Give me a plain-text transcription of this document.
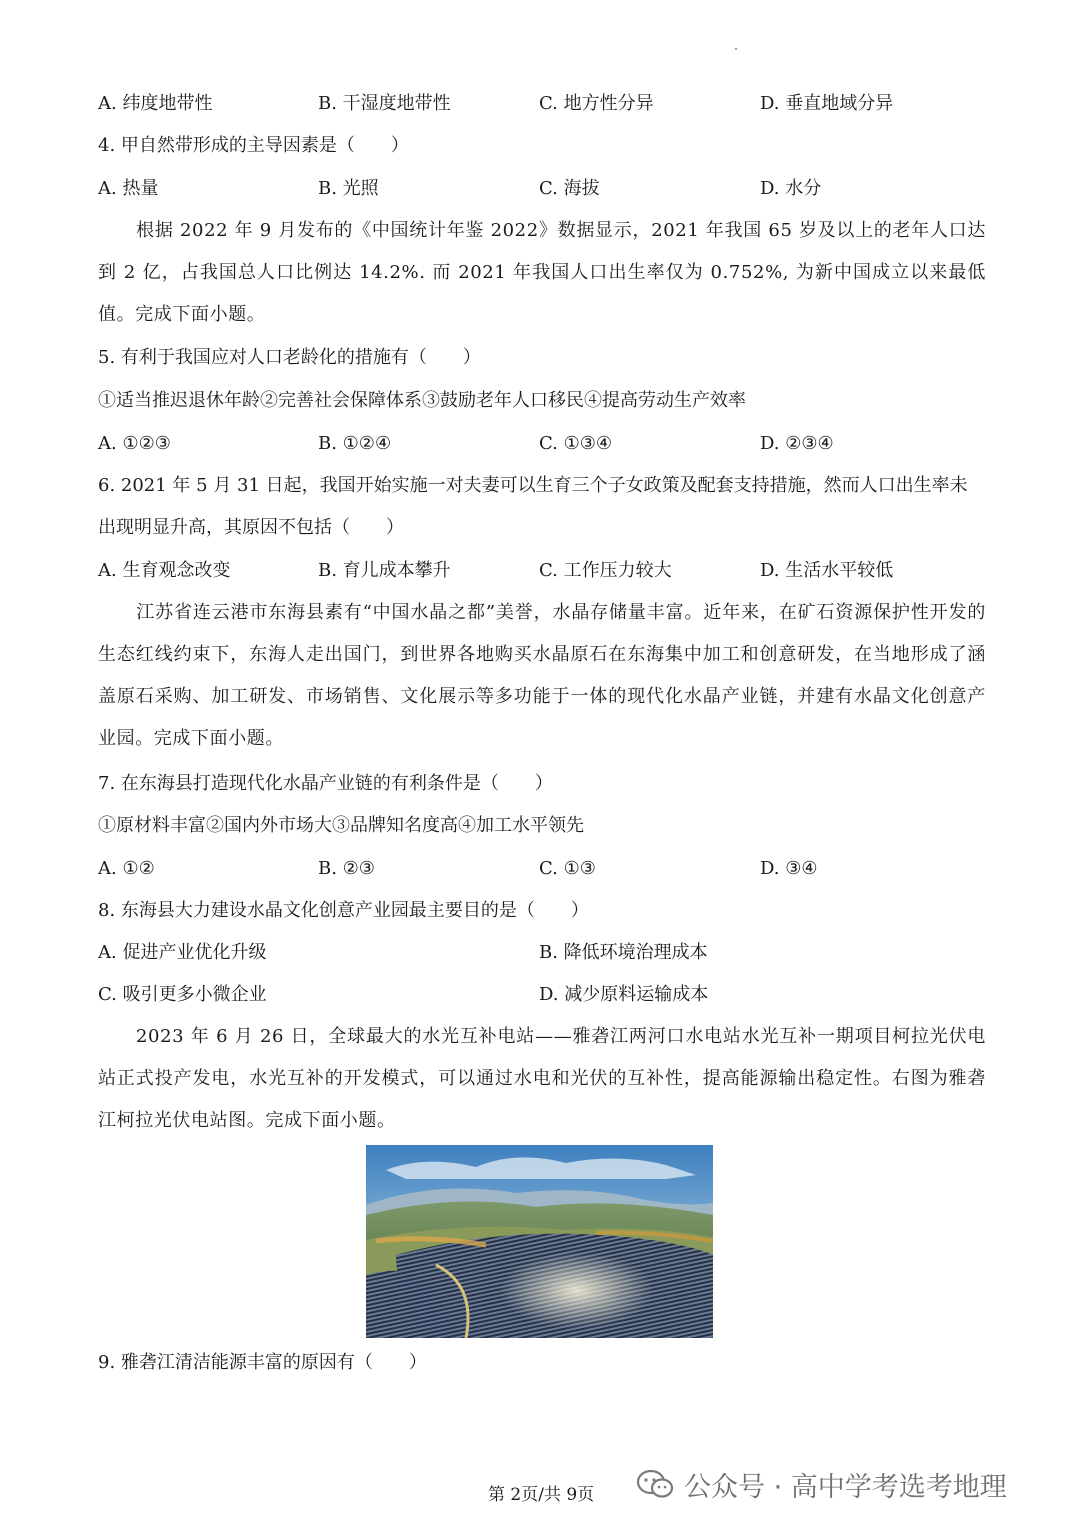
A. 纬度地带性	B. 干湿度地带性	C. 地方性分异	D. 垂直地域分异
4. 甲自然带形成的主导因素是（　　）
A. 热量	B. 光照	C. 海拔	D. 水分
根据 2022 年 9 月发布的《中国统计年鉴 2022》数据显示，2021 年我国 65 岁及以上的老年人口达到 2 亿，占我国总人口比例达 14.2%. 而 2021 年我国人口出生率仅为 0.752%, 为新中国成立以来最低值。完成下面小题。
5. 有利于我国应对人口老龄化的措施有（　　）
①适当推迟退休年龄②完善社会保障体系③鼓励老年人口移民④提高劳动生产效率
A. ①②③	B. ①②④	C. ①③④	D. ②③④
6. 2021 年 5 月 31 日起，我国开始实施一对夫妻可以生育三个子女政策及配套支持措施，然而人口出生率未
出现明显升高，其原因不包括（　　）
A. 生育观念改变	B. 育儿成本攀升	C. 工作压力较大	D. 生活水平较低
江苏省连云港市东海县素有“中国水晶之都”美誉，水晶存储量丰富。近年来，在矿石资源保护性开发的生态红线约束下，东海人走出国门，到世界各地购买水晶原石在东海集中加工和创意研发，在当地形成了涵盖原石采购、加工研发、市场销售、文化展示等多功能于一体的现代化水晶产业链，并建有水晶文化创意产业园。完成下面小题。
7. 在东海县打造现代化水晶产业链的有利条件是（　　）
①原材料丰富②国内外市场大③品牌知名度高④加工水平领先
A. ①②	B. ②③	C. ①③	D. ③④
8. 东海县大力建设水晶文化创意产业园最主要目的是（　　）
A. 促进产业优化升级	B. 降低环境治理成本
C. 吸引更多小微企业	D. 减少原料运输成本
2023 年 6 月 26 日，全球最大的水光互补电站——雅砻江两河口水电站水光互补一期项目柯拉光伏电站正式投产发电，水光互补的开发模式，可以通过水电和光伏的互补性，提高能源输出稳定性。右图为雅砻江柯拉光伏电站图。完成下面小题。
9. 雅砻江清洁能源丰富的原因有（　　）
第 2页/共 9页	公众号 · 高中学考选考地理
